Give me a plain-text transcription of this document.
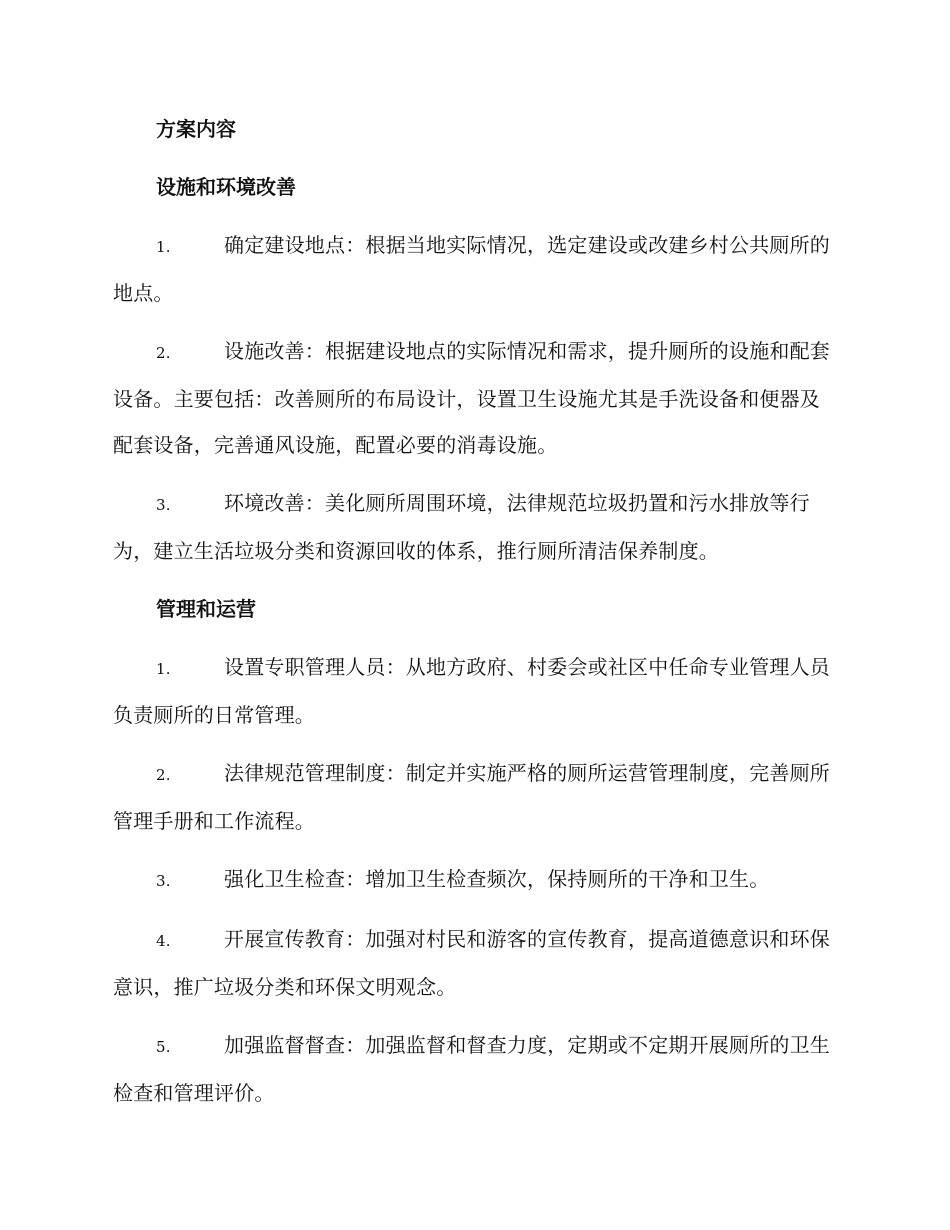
方案内容
设施和环境改善
1.	确定建设地点：根据当地实际情况，选定建设或改建乡村公共厕所的地点。
2.	设施改善：根据建设地点的实际情况和需求，提升厕所的设施和配套设备。主要包括：改善厕所的布局设计，设置卫生设施尤其是手洗设备和便器及配套设备，完善通风设施，配置必要的消毒设施。
3.	环境改善：美化厕所周围环境，法律规范垃圾扔置和污水排放等行为，建立生活垃圾分类和资源回收的体系，推行厕所清洁保养制度。
管理和运营
1.	设置专职管理人员：从地方政府、村委会或社区中任命专业管理人员负责厕所的日常管理。
2.	法律规范管理制度：制定并实施严格的厕所运营管理制度，完善厕所管理手册和工作流程。
3.	强化卫生检查：增加卫生检查频次，保持厕所的干净和卫生。
4.	开展宣传教育：加强对村民和游客的宣传教育，提高道德意识和环保意识，推广垃圾分类和环保文明观念。
5.	加强监督督查：加强监督和督查力度，定期或不定期开展厕所的卫生检查和管理评价。
